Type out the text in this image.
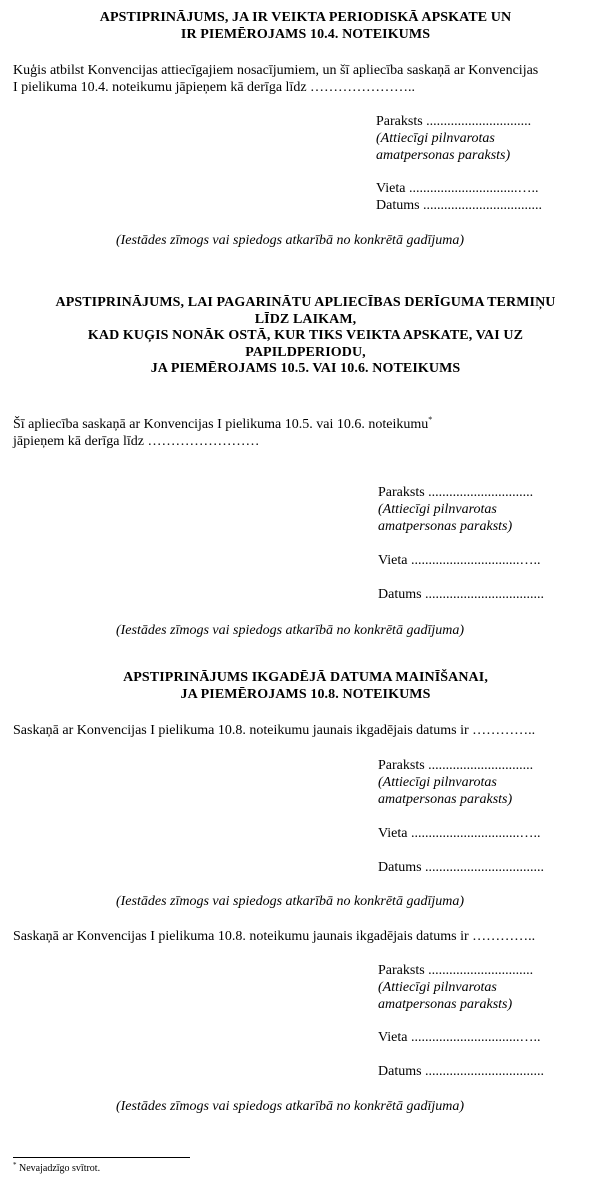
APSTIPRINĀJUMS, JA IR VEIKTA PERIODISKĀ APSKATE UN
IR PIEMĒROJAMS 10.4. NOTEIKUMS
Kuģis atbilst Konvencijas attiecīgajiem nosacījumiem, un šī apliecība saskaņā ar Konvencijas
I pielikuma 10.4. noteikumu jāpieņem kā derīga līdz …………………..
Paraksts ..............................
(Attiecīgi pilnvarotas
amatpersonas paraksts)
Vieta ...............................…..
Datums ..................................
(Iestādes zīmogs vai spiedogs atkarībā no konkrētā gadījuma)
APSTIPRINĀJUMS, LAI PAGARINĀTU APLIECĪBAS DERĪGUMA TERMIŅU
LĪDZ LAIKAM,
KAD KUĢIS NONĀK OSTĀ, KUR TIKS VEIKTA APSKATE, VAI UZ
PAPILDPERIODU,
JA PIEMĒROJAMS 10.5. VAI 10.6. NOTEIKUMS
Šī apliecība saskaņā ar Konvencijas I pielikuma 10.5. vai 10.6. noteikumu*
jāpieņem kā derīga līdz ……………………
Paraksts ..............................
(Attiecīgi pilnvarotas
amatpersonas paraksts)
Vieta ...............................…..
Datums ..................................
(Iestādes zīmogs vai spiedogs atkarībā no konkrētā gadījuma)
APSTIPRINĀJUMS IKGADĒJĀ DATUMA MAINĪŠANAI,
JA PIEMĒROJAMS 10.8. NOTEIKUMS
Saskaņā ar Konvencijas I pielikuma 10.8. noteikumu jaunais ikgadējais datums ir …………..
Paraksts ..............................
(Attiecīgi pilnvarotas
amatpersonas paraksts)
Vieta ...............................…..
Datums ..................................
(Iestādes zīmogs vai spiedogs atkarībā no konkrētā gadījuma)
Saskaņā ar Konvencijas I pielikuma 10.8. noteikumu jaunais ikgadējais datums ir …………..
Paraksts ..............................
(Attiecīgi pilnvarotas
amatpersonas paraksts)
Vieta ...............................…..
Datums ..................................
(Iestādes zīmogs vai spiedogs atkarībā no konkrētā gadījuma)
* Nevajadzīgo svītrot.
